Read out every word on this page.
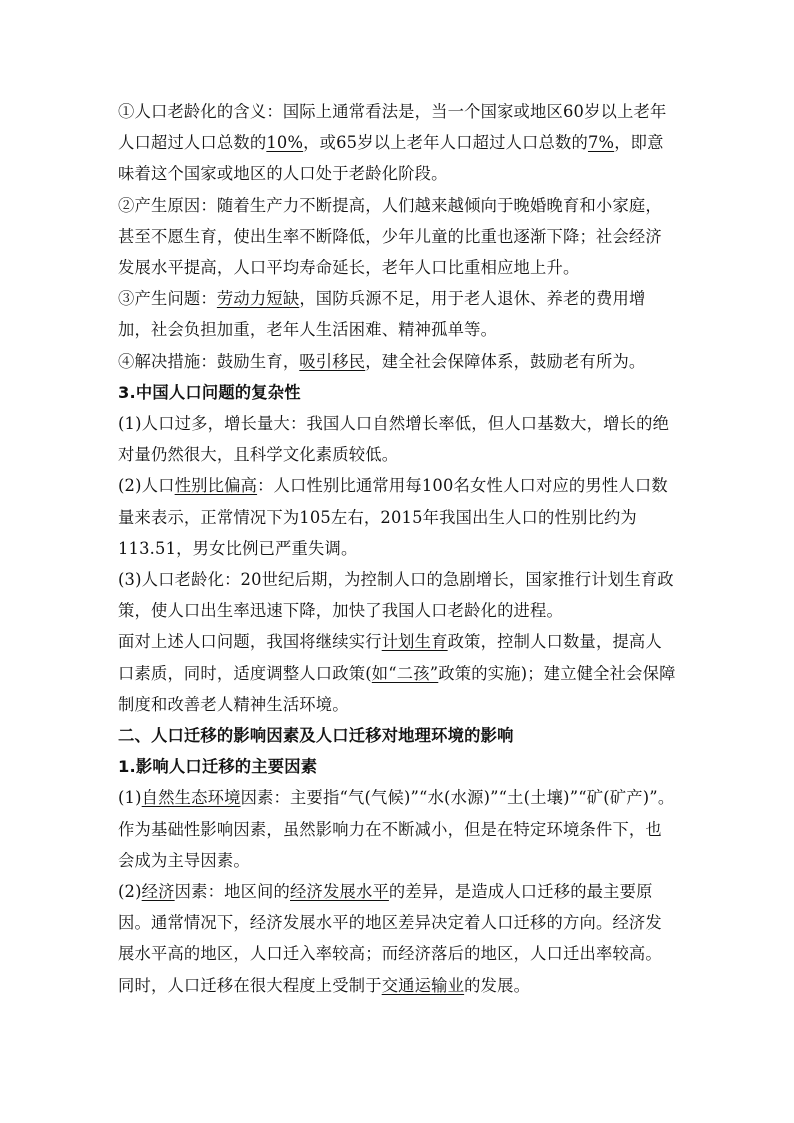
①人口老龄化的含义：国际上通常看法是，当一个国家或地区60岁以上老年人口超过人口总数的10%，或65岁以上老年人口超过人口总数的7%，即意味着这个国家或地区的人口处于老龄化阶段。

②产生原因：随着生产力不断提高，人们越来越倾向于晚婚晚育和小家庭，甚至不愿生育，使出生率不断降低，少年儿童的比重也逐渐下降；社会经济发展水平提高，人口平均寿命延长，老年人口比重相应地上升。

③产生问题：劳动力短缺，国防兵源不足，用于老人退休、养老的费用增加，社会负担加重，老年人生活困难、精神孤单等。

④解决措施：鼓励生育，吸引移民，建全社会保障体系，鼓励老有所为。

3.中国人口问题的复杂性

(1)人口过多，增长量大：我国人口自然增长率低，但人口基数大，增长的绝对量仍然很大，且科学文化素质较低。

(2)人口性别比偏高：人口性别比通常用每100名女性人口对应的男性人口数量来表示，正常情况下为105左右，2015年我国出生人口的性别比约为113.51，男女比例已严重失调。

(3)人口老龄化：20世纪后期，为控制人口的急剧增长，国家推行计划生育政策，使人口出生率迅速下降，加快了我国人口老龄化的进程。

面对上述人口问题，我国将继续实行计划生育政策，控制人口数量，提高人口素质，同时，适度调整人口政策(如“二孩”政策的实施)；建立健全社会保障制度和改善老人精神生活环境。

二、人口迁移的影响因素及人口迁移对地理环境的影响

1.影响人口迁移的主要因素

(1)自然生态环境因素：主要指“气(气候)”“水(水源)”“土(土壤)”“矿(矿产)”。作为基础性影响因素，虽然影响力在不断减小，但是在特定环境条件下，也会成为主导因素。

(2)经济因素：地区间的经济发展水平的差异，是造成人口迁移的最主要原因。通常情况下，经济发展水平的地区差异决定着人口迁移的方向。经济发展水平高的地区，人口迁入率较高；而经济落后的地区，人口迁出率较高。同时，人口迁移在很大程度上受制于交通运输业的发展。
